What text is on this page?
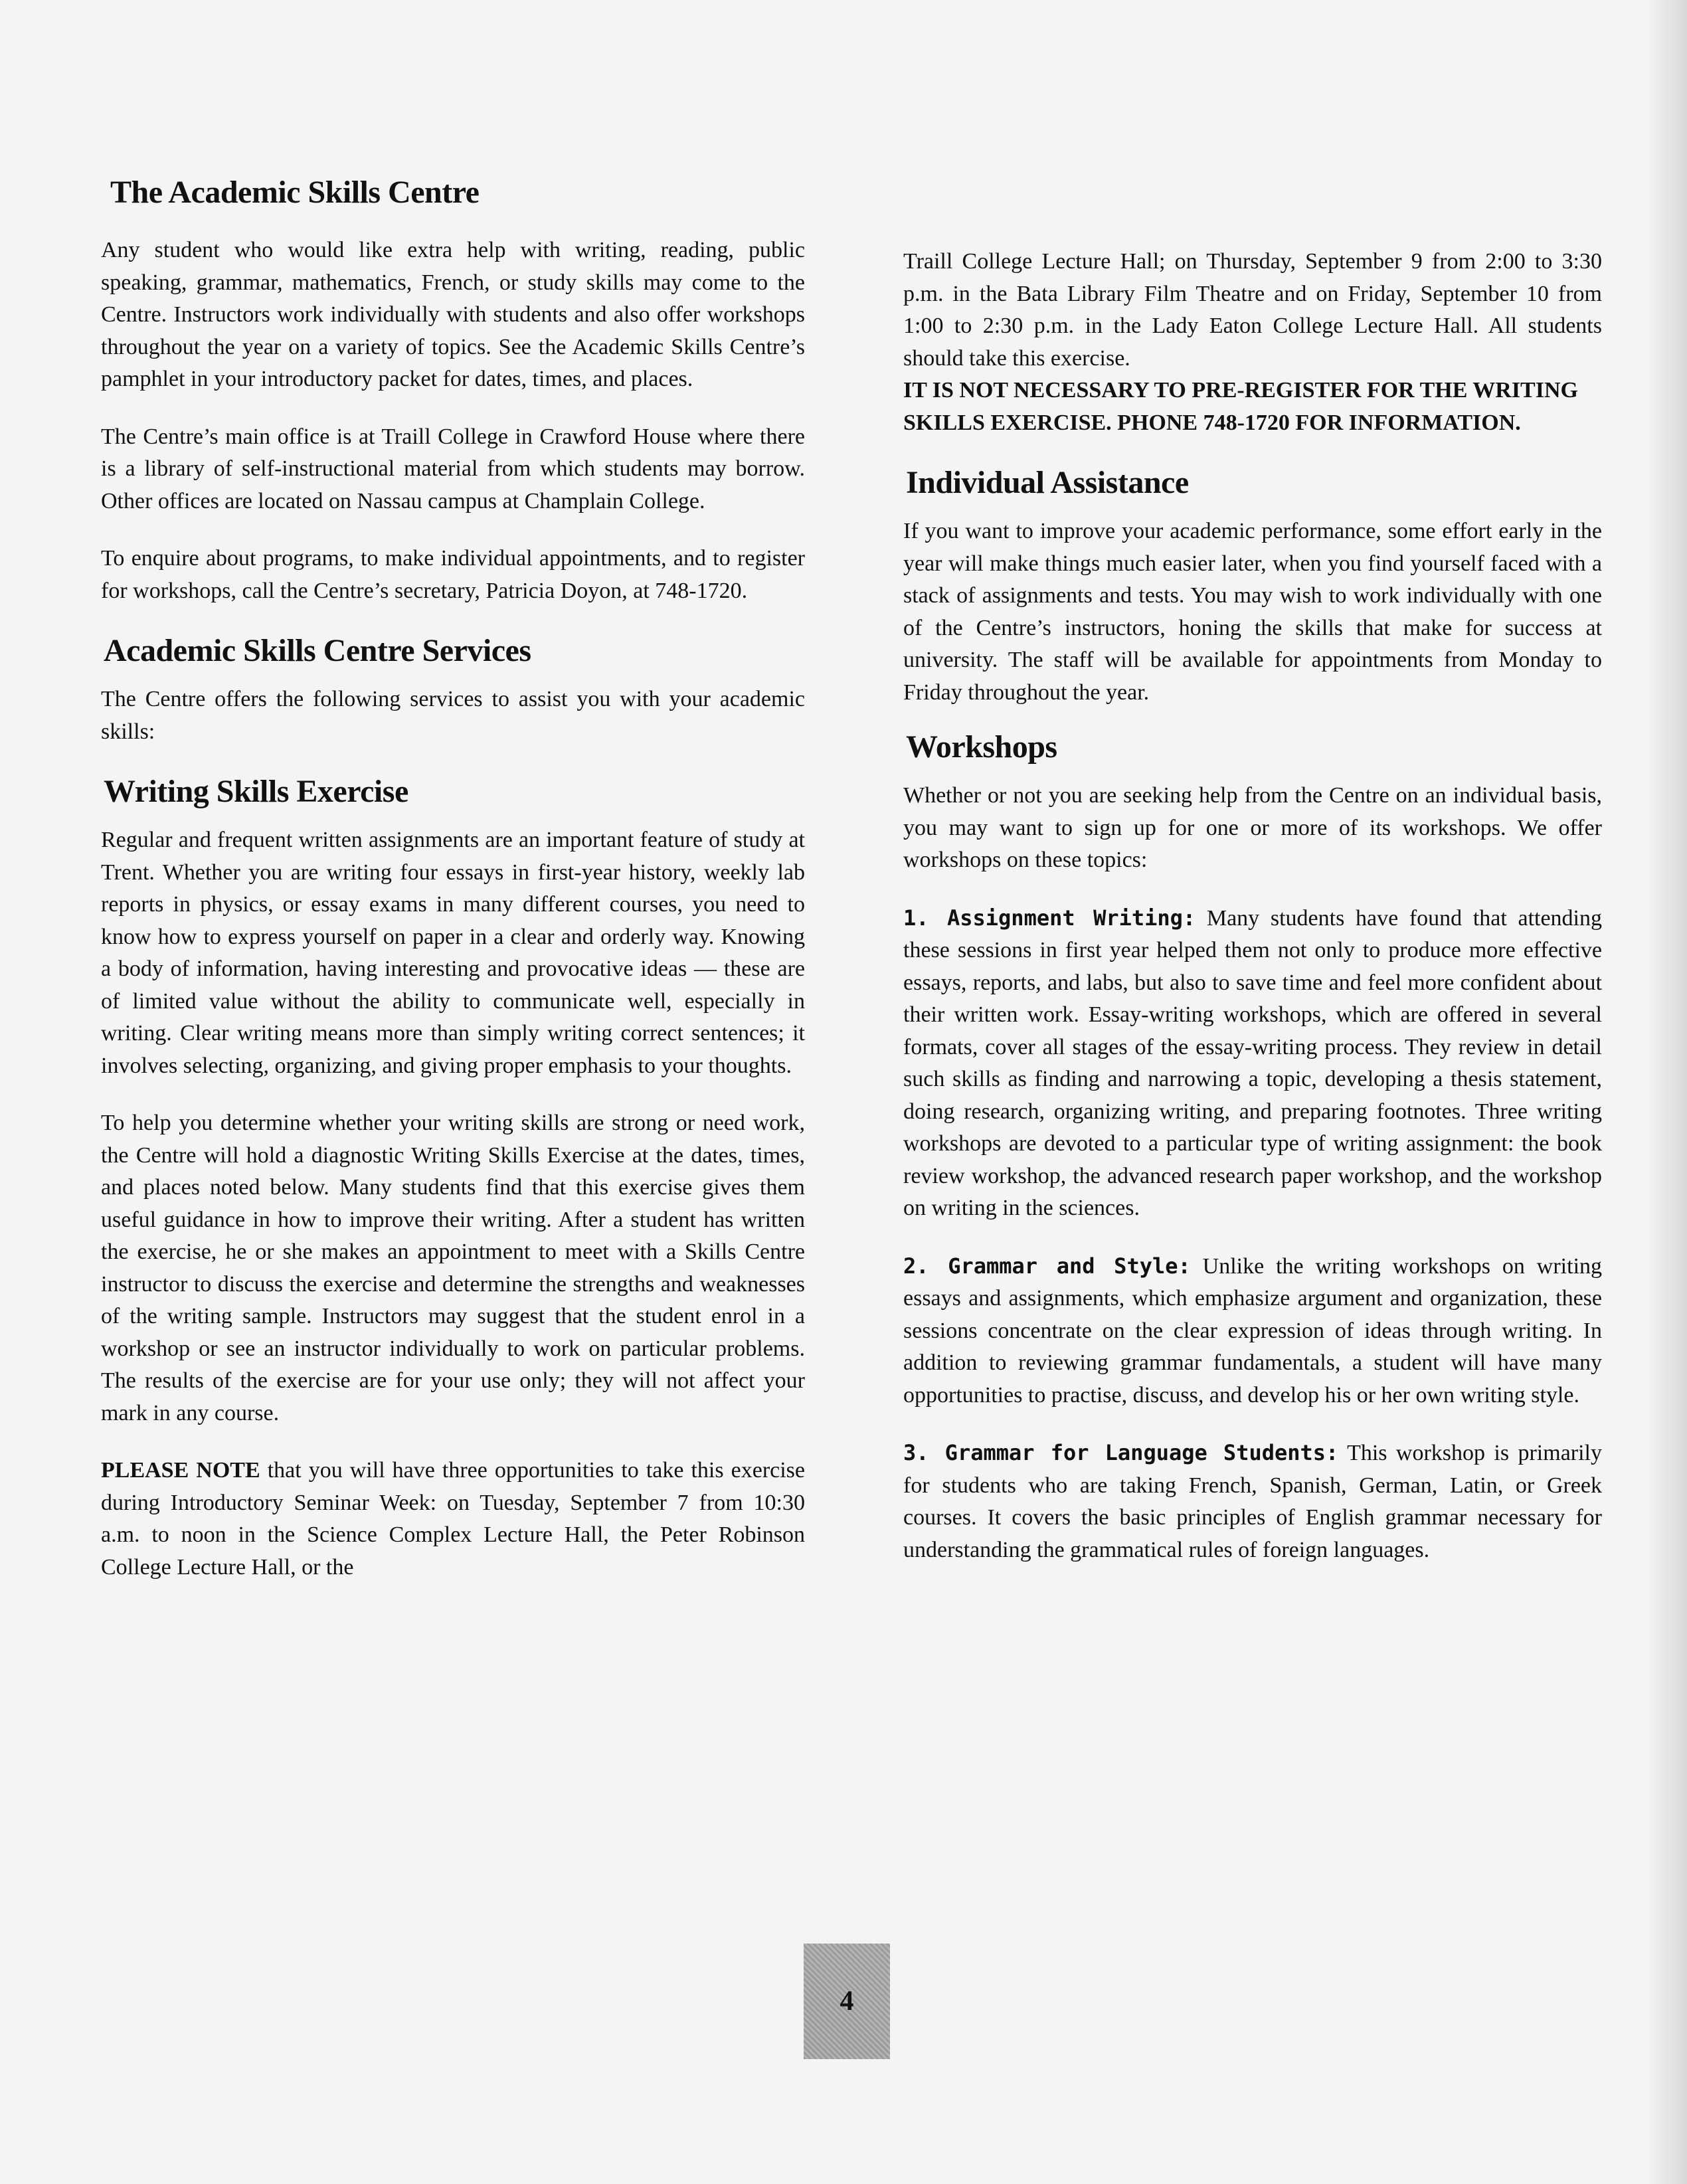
The Academic Skills Centre

Any student who would like extra help with writing, reading, public speaking, grammar, mathematics, French, or study skills may come to the Centre. Instructors work individually with students and also offer workshops throughout the year on a variety of topics. See the Academic Skills Centre’s pamphlet in your introductory packet for dates, times, and places.

The Centre’s main office is at Traill College in Crawford House where there is a library of self-instructional material from which students may borrow. Other offices are located on Nassau campus at Champlain College.

To enquire about programs, to make individual appointments, and to register for workshops, call the Centre’s secretary, Patricia Doyon, at 748-1720.

Academic Skills Centre Services

The Centre offers the following services to assist you with your academic skills:

Writing Skills Exercise

Regular and frequent written assignments are an important feature of study at Trent. Whether you are writing four essays in first-year history, weekly lab reports in physics, or essay exams in many different courses, you need to know how to express yourself on paper in a clear and orderly way. Knowing a body of information, having interesting and provocative ideas — these are of limited value without the ability to communicate well, especially in writing. Clear writing means more than simply writing correct sentences; it involves selecting, organizing, and giving proper emphasis to your thoughts.

To help you determine whether your writing skills are strong or need work, the Centre will hold a diagnostic Writing Skills Exercise at the dates, times, and places noted below. Many students find that this exercise gives them useful guidance in how to improve their writing. After a student has written the exercise, he or she makes an appointment to meet with a Skills Centre instructor to discuss the exercise and determine the strengths and weaknesses of the writing sample. Instructors may suggest that the student enrol in a workshop or see an instructor individually to work on particular problems. The results of the exercise are for your use only; they will not affect your mark in any course.

PLEASE NOTE that you will have three opportunities to take this exercise during Introductory Seminar Week: on Tuesday, September 7 from 10:30 a.m. to noon in the Science Complex Lecture Hall, the Peter Robinson College Lecture Hall, or the

Traill College Lecture Hall; on Thursday, September 9 from 2:00 to 3:30 p.m. in the Bata Library Film Theatre and on Friday, September 10 from 1:00 to 2:30 p.m. in the Lady Eaton College Lecture Hall. All students should take this exercise.

IT IS NOT NECESSARY TO PRE-REGISTER FOR THE WRITING SKILLS EXERCISE. PHONE 748-1720 FOR INFORMATION.

Individual Assistance

If you want to improve your academic performance, some effort early in the year will make things much easier later, when you find yourself faced with a stack of assignments and tests. You may wish to work individually with one of the Centre’s instructors, honing the skills that make for success at university. The staff will be available for appointments from Monday to Friday throughout the year.

Workshops

Whether or not you are seeking help from the Centre on an individual basis, you may want to sign up for one or more of its workshops. We offer workshops on these topics:

1. Assignment Writing: Many students have found that attending these sessions in first year helped them not only to produce more effective essays, reports, and labs, but also to save time and feel more confident about their written work. Essay-writing workshops, which are offered in several formats, cover all stages of the essay-writing process. They review in detail such skills as finding and narrowing a topic, developing a thesis statement, doing research, organizing writing, and preparing footnotes. Three writing workshops are devoted to a particular type of writing assignment: the book review workshop, the advanced research paper workshop, and the workshop on writing in the sciences.

2. Grammar and Style: Unlike the writing workshops on writing essays and assignments, which emphasize argument and organization, these sessions concentrate on the clear expression of ideas through writing. In addition to reviewing grammar fundamentals, a student will have many opportunities to practise, discuss, and develop his or her own writing style.

3. Grammar for Language Students: This workshop is primarily for students who are taking French, Spanish, German, Latin, or Greek courses. It covers the basic principles of English grammar necessary for understanding the grammatical rules of foreign languages.

4
